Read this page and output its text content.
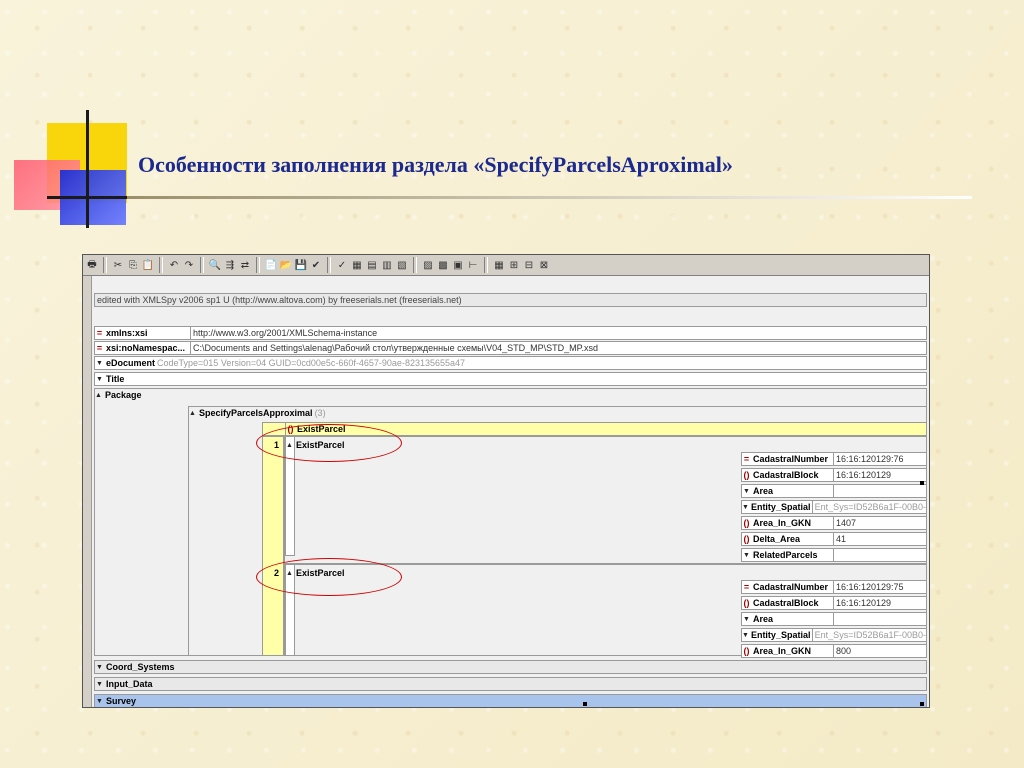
Особенности заполнения раздела «SpecifyParcelsAproximal»
🖶 ✂ ⎘ 📋 ↶ ↷ 🔍 ⇶ ⇄ 📄 📂 💾 ✔ ✓ ▦ ▤ ▥ ▧ ▨ ▩ ▣ ⊢ ▦ ⊞ ⊟ ⊠
edited with XMLSpy v2006 sp1 U (http://www.altova.com) by freeserials.net (freeserials.net)
= xmlns:xsi	http://www.w3.org/2001/XMLSchema-instance
= xsi:noNamespac... C:\Documents and Settings\alenag\Рабочий стол\утвержденные схемы\V04_STD_MP\STD_MP.xsd
▼ eDocument CodeType=015 Version=04 GUID=0cd00e5c-660f-4657-90ae-823135655a47
▼ Title
▲ Package
▲ SpecifyParcelsApproximal (3)
() ExistParcel
1 ▲ ExistParcel
= CadastralNumber 16:16:120129:76
() CadastralBlock	16:16:120129
▼ Area
▼ Entity_Spatial Ent_Sys=ID52B6a1F-00B0-
() Area_In_GKN	1407
() Delta_Area	41
▼ RelatedParcels
2 ▲ ExistParcel
= CadastralNumber 16:16:120129:75
() CadastralBlock	16:16:120129
▼ Area
▼ Entity_Spatial Ent_Sys=ID52B6a1F-00B0-
() Area_In_GKN	800
▼ Coord_Systems
▼ Input_Data
▼ Survey
